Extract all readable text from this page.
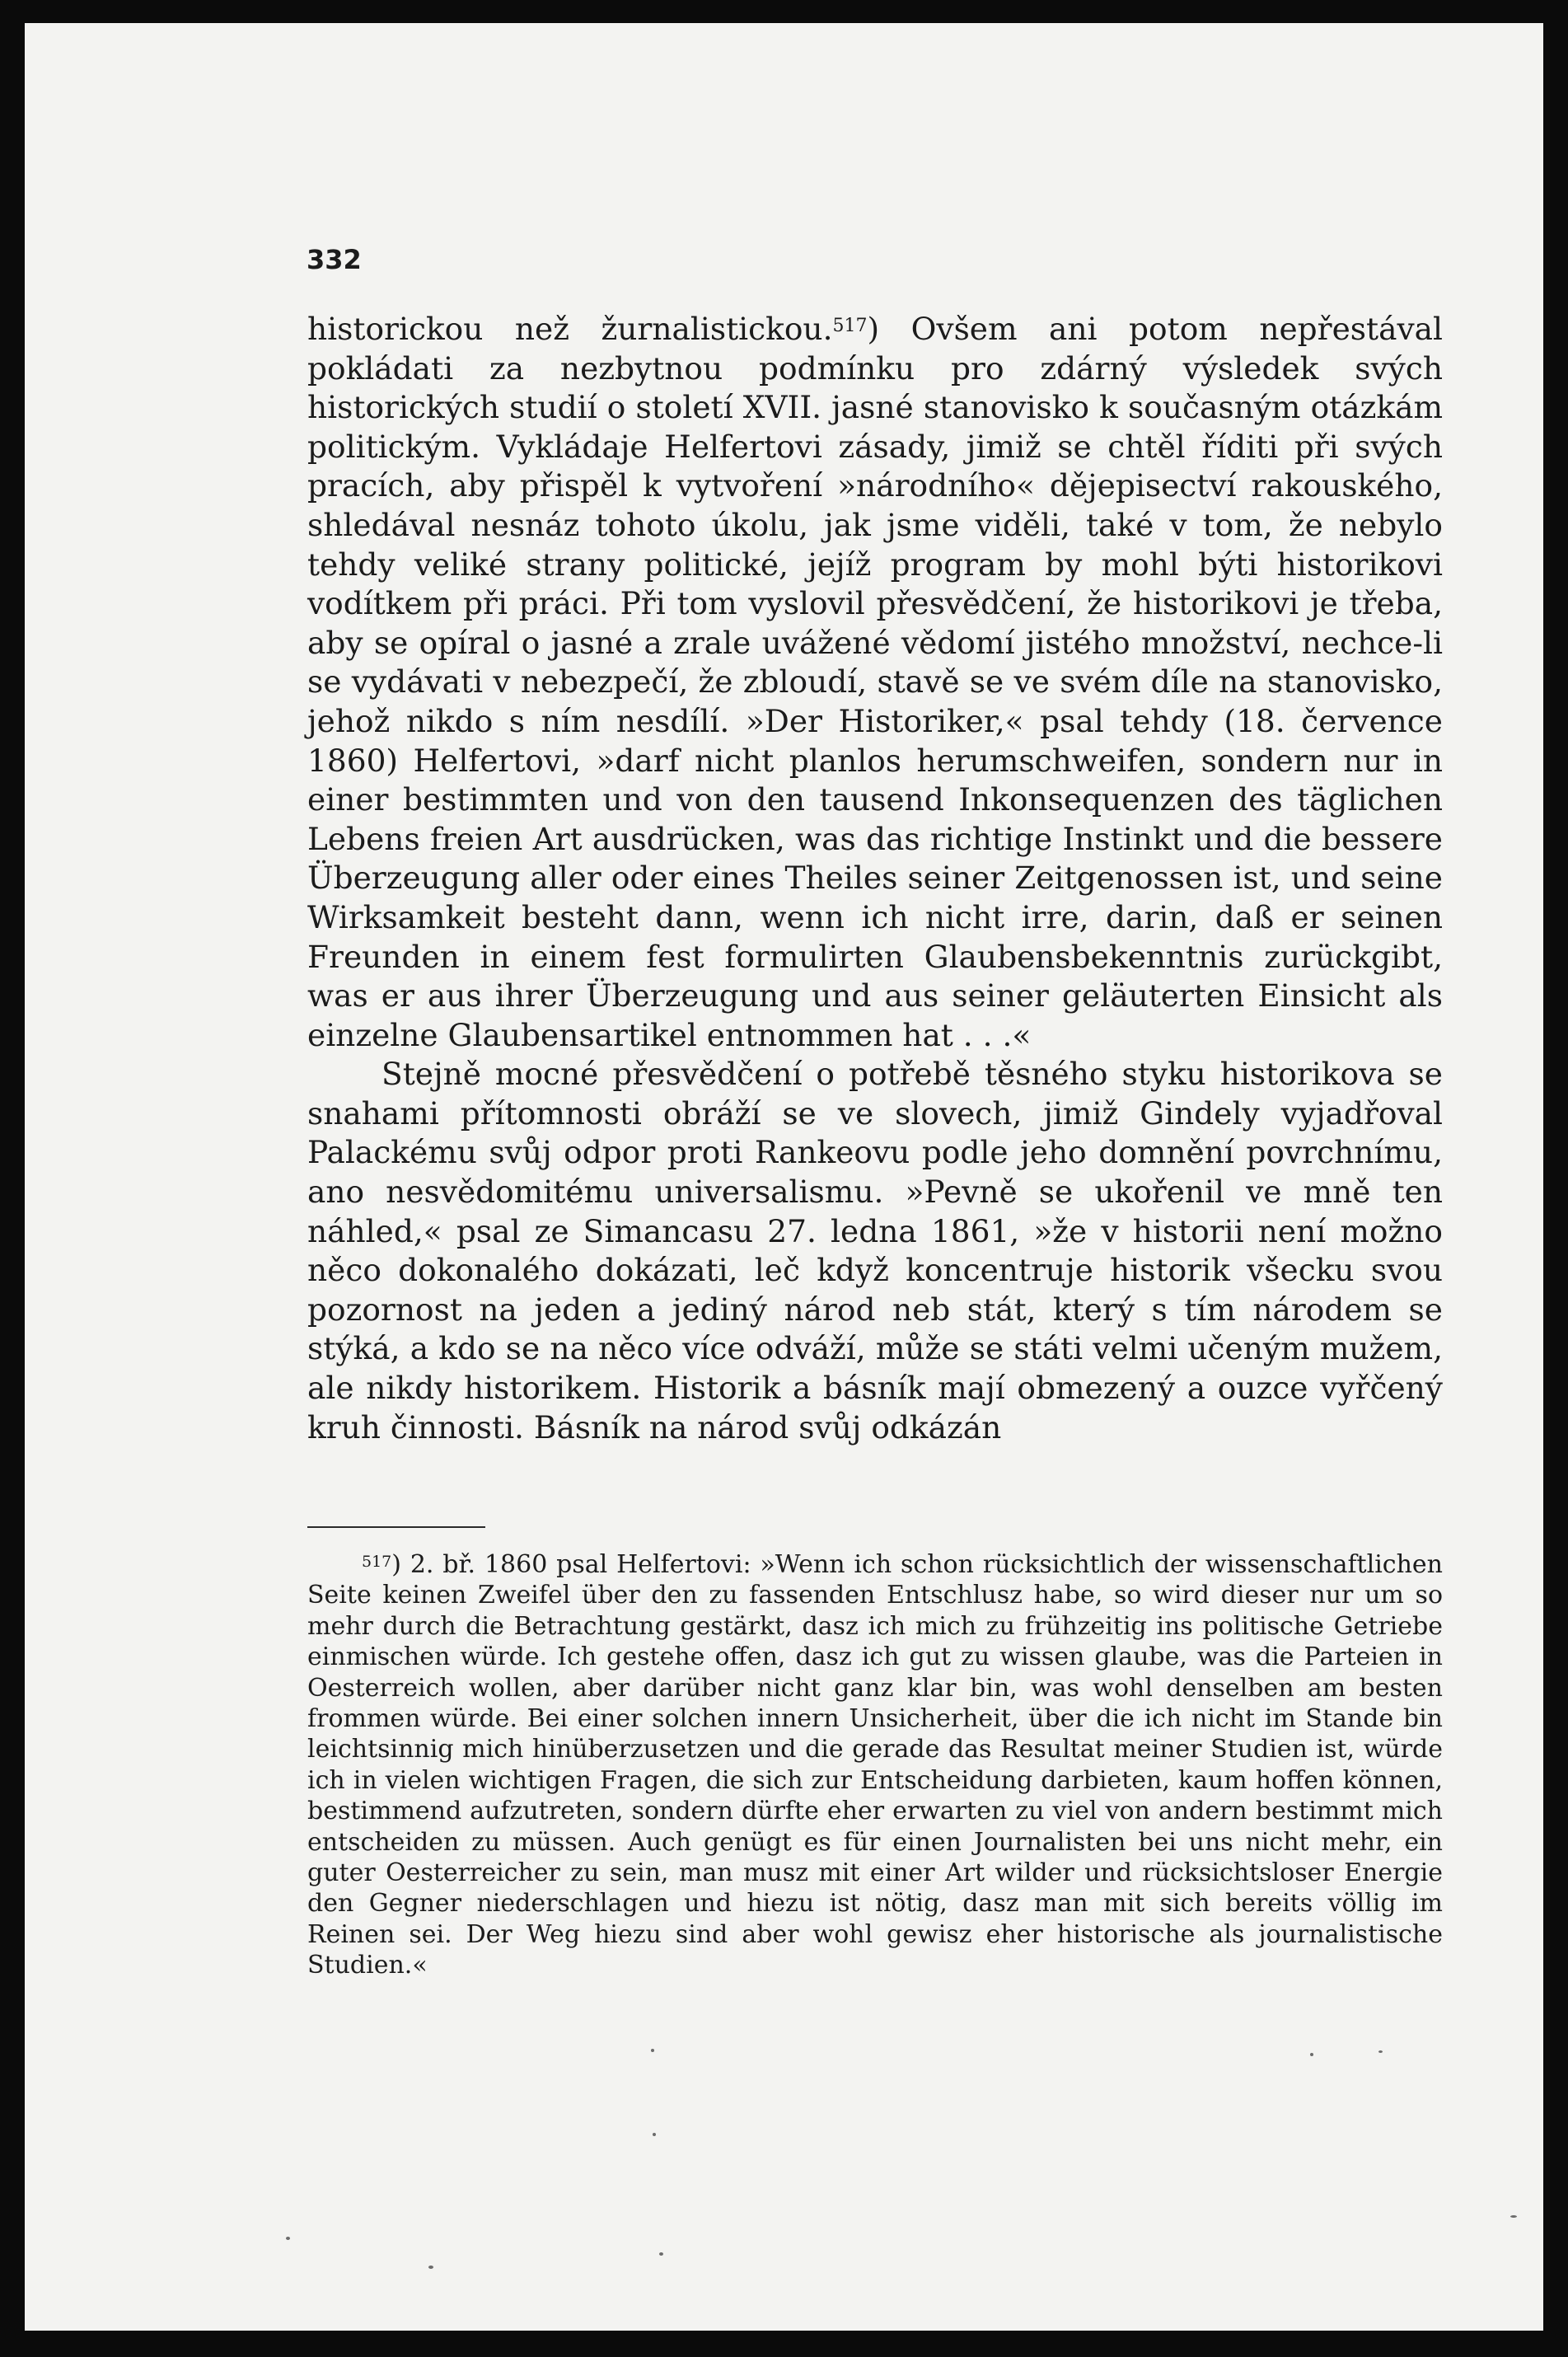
332

historickou než žurnalistickou.$^{517}$) Ovšem ani potom nepřestával pokládati za nezbytnou podmínku pro zdárný výsledek svých historických studií o století XVII. jasné stanovisko k současným otázkám politickým. Vykládaje Helfertovi zásady, jimiž se chtěl říditi při svých pracích, aby přispěl k vytvoření »národního« dějepisectví rakouského, shledával nesnáz tohoto úkolu, jak jsme viděli, také v tom, že nebylo tehdy veliké strany politické, jejíž program by mohl býti historikovi vodítkem při práci. Při tom vyslovil přesvědčení, že historikovi je třeba, aby se opíral o jasné a zrale uvážené vědomí jistého množství, nechce-li se vydávati v nebezpečí, že zbloudí, stavě se ve svém díle na stanovisko, jehož nikdo s ním nesdílí. »Der Historiker,« psal tehdy (18. července 1860) Helfertovi, »darf nicht planlos herumschweifen, sondern nur in einer bestimmten und von den tausend Inkonsequenzen des täglichen Lebens freien Art ausdrücken, was das richtige Instinkt und die bessere Überzeugung aller oder eines Theiles seiner Zeitgenossen ist, und seine Wirksamkeit besteht dann, wenn ich nicht irre, darin, daß er seinen Freunden in einem fest formulirten Glaubensbekenntnis zurückgibt, was er aus ihrer Überzeugung und aus seiner geläuterten Einsicht als einzelne Glaubensartikel entnommen hat . . .«

Stejně mocné přesvědčení o potřebě těsného styku historikova se snahami přítomnosti obráží se ve slovech, jimiž Gindely vyjadřoval Palackému svůj odpor proti Rankeovu podle jeho domnění povrchnímu, ano nesvědomitému universalismu. »Pevně se ukořenil ve mně ten náhled,« psal ze Simancasu 27. ledna 1861, »že v historii není možno něco dokonalého dokázati, leč když koncentruje historik všecku svou pozornost na jeden a jediný národ neb stát, který s tím národem se stýká, a kdo se na něco více odváží, může se státi velmi učeným mužem, ale nikdy historikem. Historik a básník mají obmezený a ouzce vyřčený kruh činnosti. Básník na národ svůj odkázán

$^{517}$) 2. bř. 1860 psal Helfertovi: »Wenn ich schon rücksichtlich der wissenschaftlichen Seite keinen Zweifel über den zu fassenden Entschlusz habe, so wird dieser nur um so mehr durch die Betrachtung gestärkt, dasz ich mich zu frühzeitig ins politische Getriebe einmischen würde. Ich gestehe offen, dasz ich gut zu wissen glaube, was die Parteien in Oesterreich wollen, aber darüber nicht ganz klar bin, was wohl denselben am besten frommen würde. Bei einer solchen innern Unsicherheit, über die ich nicht im Stande bin leichtsinnig mich hinüberzusetzen und die gerade das Resultat meiner Studien ist, würde ich in vielen wichtigen Fragen, die sich zur Entscheidung darbieten, kaum hoffen können, bestimmend aufzutreten, sondern dürfte eher erwarten zu viel von andern bestimmt mich entscheiden zu müssen. Auch genügt es für einen Journalisten bei uns nicht mehr, ein guter Oesterreicher zu sein, man musz mit einer Art wilder und rücksichtsloser Energie den Gegner niederschlagen und hiezu ist nötig, dasz man mit sich bereits völlig im Reinen sei. Der Weg hiezu sind aber wohl gewisz eher historische als journalistische Studien.«
